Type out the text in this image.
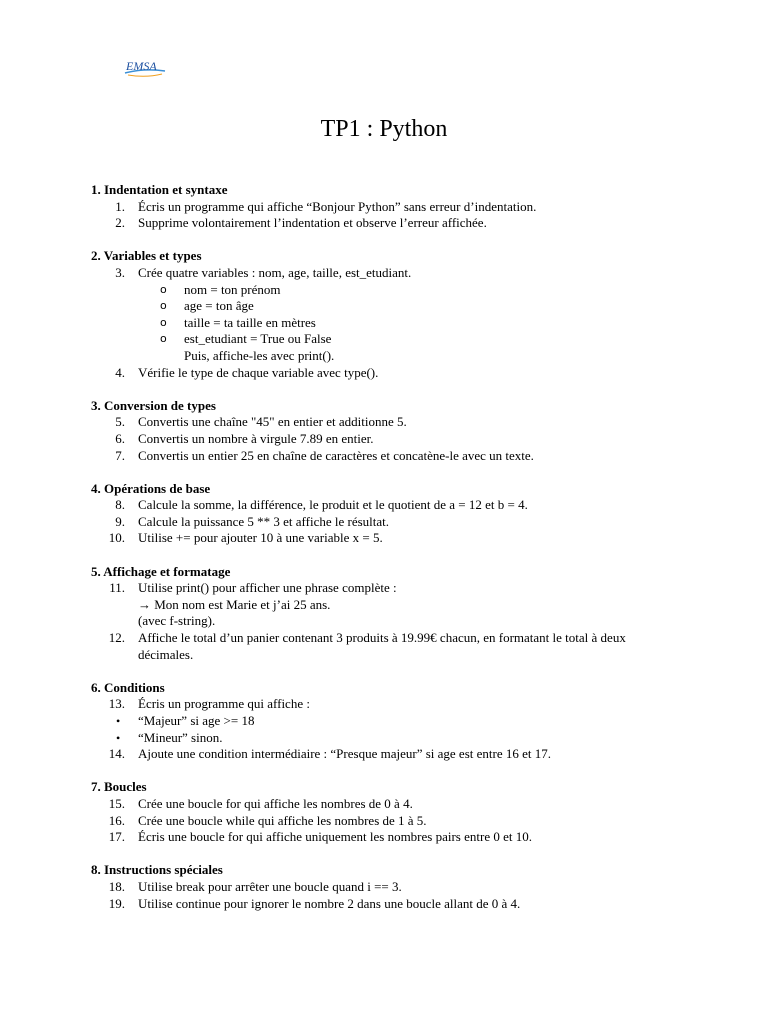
EMSA
TP1 : Python
1. Indentation et syntaxe
1. Écris un programme qui affiche “Bonjour Python” sans erreur d’indentation.
2. Supprime volontairement l’indentation et observe l’erreur affichée.
2. Variables et types
3. Crée quatre variables : nom, age, taille, est_etudiant.
o nom = ton prénom
o age = ton âge
o taille = ta taille en mètres
o est_etudiant = True ou False
Puis, affiche-les avec print().
4. Vérifie le type de chaque variable avec type().
3. Conversion de types
5. Convertis une chaîne "45" en entier et additionne 5.
6. Convertis un nombre à virgule 7.89 en entier.
7. Convertis un entier 25 en chaîne de caractères et concatène-le avec un texte.
4. Opérations de base
8. Calcule la somme, la différence, le produit et le quotient de a = 12 et b = 4.
9. Calcule la puissance 5 ** 3 et affiche le résultat.
10. Utilise += pour ajouter 10 à une variable x = 5.
5. Affichage et formatage
11. Utilise print() pour afficher une phrase complète :
→ Mon nom est Marie et j’ai 25 ans.
(avec f-string).
12. Affiche le total d’un panier contenant 3 produits à 19.99€ chacun, en formatant le total à deux
décimales.
6. Conditions
13. Écris un programme qui affiche :
• “Majeur” si age >= 18
• “Mineur” sinon.
14. Ajoute une condition intermédiaire : “Presque majeur” si age est entre 16 et 17.
7. Boucles
15. Crée une boucle for qui affiche les nombres de 0 à 4.
16. Crée une boucle while qui affiche les nombres de 1 à 5.
17. Écris une boucle for qui affiche uniquement les nombres pairs entre 0 et 10.
8. Instructions spéciales
18. Utilise break pour arrêter une boucle quand i == 3.
19. Utilise continue pour ignorer le nombre 2 dans une boucle allant de 0 à 4.
